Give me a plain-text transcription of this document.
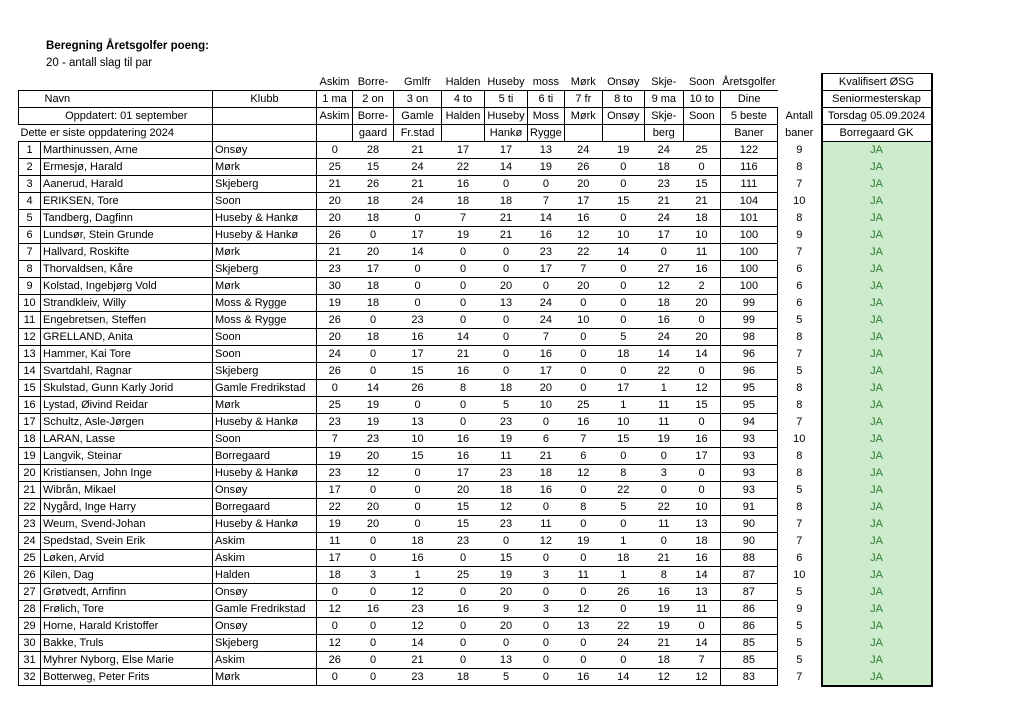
Beregning Åretsgolfer poeng:
20 - antall slag til par
			Askim	Borre-	Gmlfr	Halden	Huseby	moss	Mørk	Onsøy	Skje-	Soon	Åretsgolfer		Kvalifisert ØSG
	Navn	Klubb	1 ma	2 on	3 on	4 to	5 ti	6 ti	7 fr	8 to	9 ma	10 to	Dine		Seniormesterskap
	Oppdatert: 01 september		Askim	Borre-	Gamle	Halden	Huseby	Moss	Mørk	Onsøy	Skje-	Soon	5 beste	Antall	Torsdag 05.09.2024
Dette er siste oppdatering 2024				gaard	Fr.stad		Hankø	Rygge			berg		Baner	baner	Borregaard GK
1	Marthinussen, Arne	Onsøy	0	28	21	17	17	13	24	19	24	25	122	9	JA
2	Ermesjø, Harald	Mørk	25	15	24	22	14	19	26	0	18	0	116	8	JA
3	Aanerud, Harald	Skjeberg	21	26	21	16	0	0	20	0	23	15	111	7	JA
4	ERIKSEN, Tore	Soon	20	18	24	18	18	7	17	15	21	21	104	10	JA
5	Tandberg, Dagfinn	Huseby & Hankø	20	18	0	7	21	14	16	0	24	18	101	8	JA
6	Lundsør, Stein Grunde	Huseby & Hankø	26	0	17	19	21	16	12	10	17	10	100	9	JA
7	Hallvard, Roskifte	Mørk	21	20	14	0	0	23	22	14	0	11	100	7	JA
8	Thorvaldsen, Kåre	Skjeberg	23	17	0	0	0	17	7	0	27	16	100	6	JA
9	Kolstad, Ingebjørg Vold	Mørk	30	18	0	0	20	0	20	0	12	2	100	6	JA
10	Strandkleiv, Willy	Moss & Rygge	19	18	0	0	13	24	0	0	18	20	99	6	JA
11	Engebretsen, Steffen	Moss & Rygge	26	0	23	0	0	24	10	0	16	0	99	5	JA
12	GRELLAND, Anita	Soon	20	18	16	14	0	7	0	5	24	20	98	8	JA
13	Hammer, Kai Tore	Soon	24	0	17	21	0	16	0	18	14	14	96	7	JA
14	Svartdahl, Ragnar	Skjeberg	26	0	15	16	0	17	0	0	22	0	96	5	JA
15	Skulstad, Gunn Karly Jorid	Gamle Fredrikstad	0	14	26	8	18	20	0	17	1	12	95	8	JA
16	Lystad, Øivind Reidar	Mørk	25	19	0	0	5	10	25	1	11	15	95	8	JA
17	Schultz, Asle-Jørgen	Huseby & Hankø	23	19	13	0	23	0	16	10	11	0	94	7	JA
18	LARAN, Lasse	Soon	7	23	10	16	19	6	7	15	19	16	93	10	JA
19	Langvik, Steinar	Borregaard	19	20	15	16	11	21	6	0	0	17	93	8	JA
20	Kristiansen, John Inge	Huseby & Hankø	23	12	0	17	23	18	12	8	3	0	93	8	JA
21	Wibrån, Mikael	Onsøy	17	0	0	20	18	16	0	22	0	0	93	5	JA
22	Nygård, Inge Harry	Borregaard	22	20	0	15	12	0	8	5	22	10	91	8	JA
23	Weum, Svend-Johan	Huseby & Hankø	19	20	0	15	23	11	0	0	11	13	90	7	JA
24	Spedstad, Svein Erik	Askim	11	0	18	23	0	12	19	1	0	18	90	7	JA
25	Løken, Arvid	Askim	17	0	16	0	15	0	0	18	21	16	88	6	JA
26	Kilen, Dag	Halden	18	3	1	25	19	3	11	1	8	14	87	10	JA
27	Grøtvedt, Arnfinn	Onsøy	0	0	12	0	20	0	0	26	16	13	87	5	JA
28	Frølich, Tore	Gamle Fredrikstad	12	16	23	16	9	3	12	0	19	11	86	9	JA
29	Horne, Harald Kristoffer	Onsøy	0	0	12	0	20	0	13	22	19	0	86	5	JA
30	Bakke, Truls	Skjeberg	12	0	14	0	0	0	0	24	21	14	85	5	JA
31	Myhrer Nyborg, Else Marie	Askim	26	0	21	0	13	0	0	0	18	7	85	5	JA
32	Botterweg, Peter Frits	Mørk	0	0	23	18	5	0	16	14	12	12	83	7	JA
